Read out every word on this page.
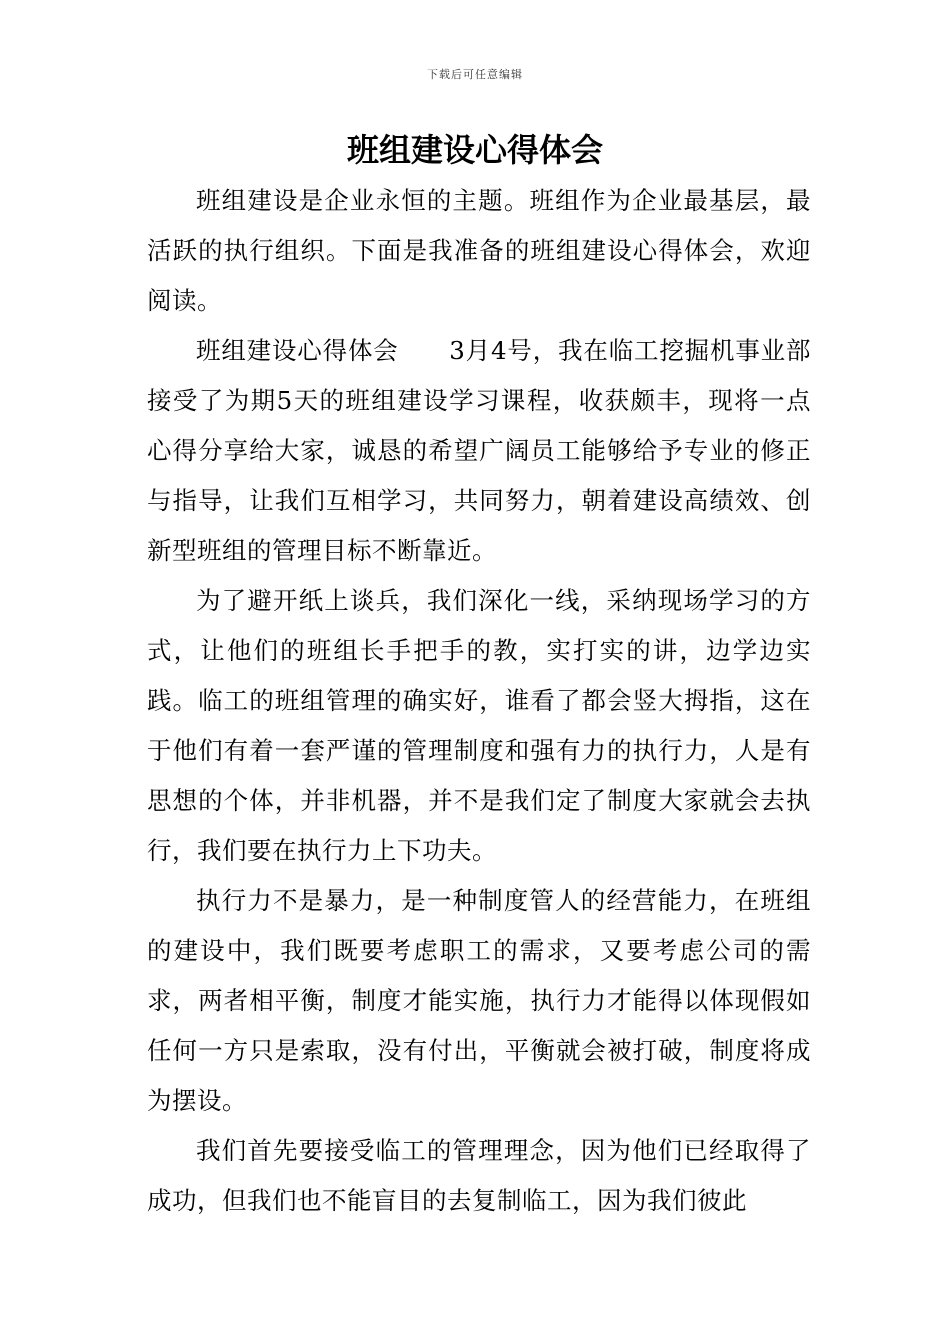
下载后可任意编辑
班组建设心得体会

班组建设是企业永恒的主题。班组作为企业最基层，最活跃的执行组织。下面是我准备的班组建设心得体会，欢迎阅读。

班组建设心得体会　　3月4号，我在临工挖掘机事业部接受了为期5天的班组建设学习课程，收获颇丰，现将一点心得分享给大家，诚恳的希望广阔员工能够给予专业的修正与指导，让我们互相学习，共同努力，朝着建设高绩效、创新型班组的管理目标不断靠近。

为了避开纸上谈兵，我们深化一线，采纳现场学习的方式，让他们的班组长手把手的教，实打实的讲，边学边实践。临工的班组管理的确实好，谁看了都会竖大拇指，这在于他们有着一套严谨的管理制度和强有力的执行力，人是有思想的个体，并非机器，并不是我们定了制度大家就会去执行，我们要在执行力上下功夫。

执行力不是暴力，是一种制度管人的经营能力，在班组的建设中，我们既要考虑职工的需求，又要考虑公司的需求，两者相平衡，制度才能实施，执行力才能得以体现假如任何一方只是索取，没有付出，平衡就会被打破，制度将成为摆设。

我们首先要接受临工的管理理念，因为他们已经取得了成功，但我们也不能盲目的去复制临工，因为我们彼此
